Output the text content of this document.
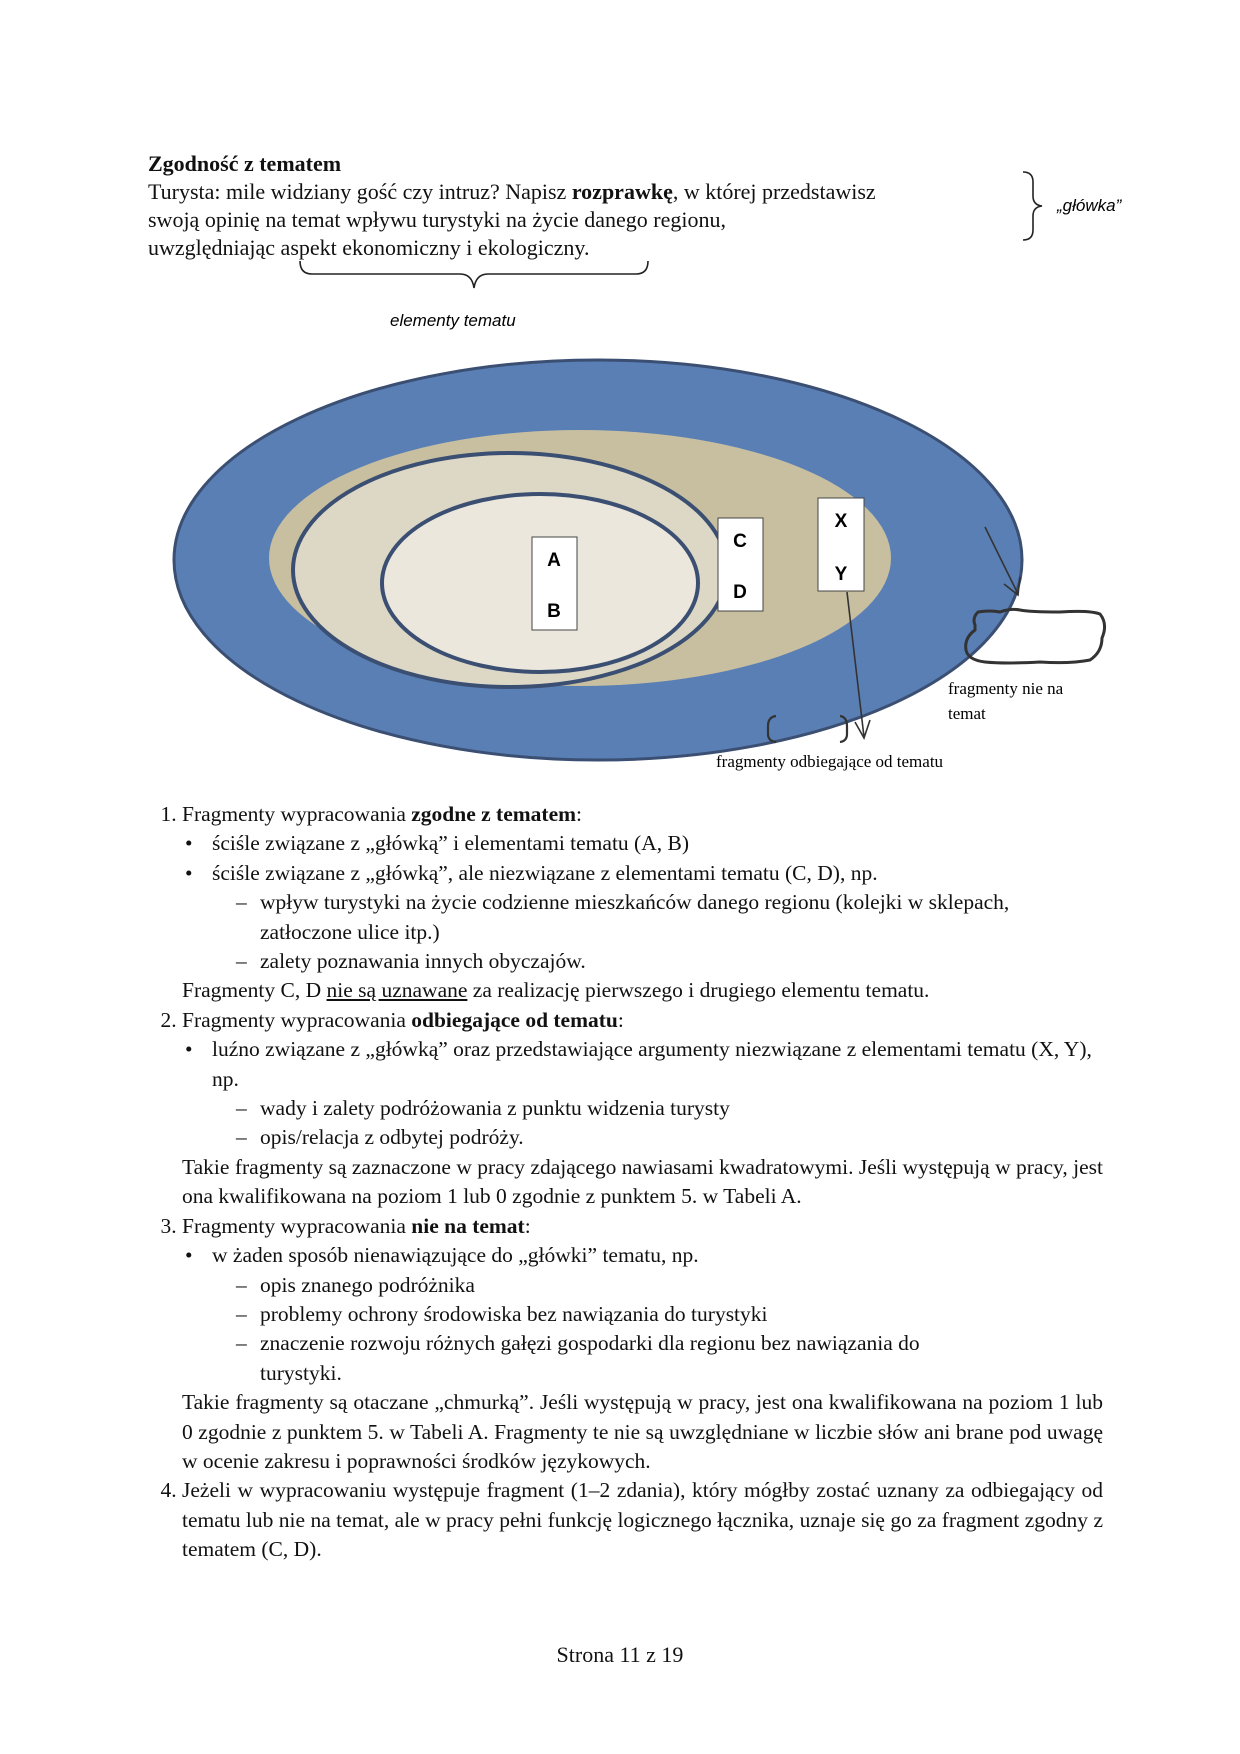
Zgodność z tematem
Turysta: mile widziany gość czy intruz? Napisz rozprawkę, w której przedstawisz
swoją opinię na temat wpływu turystyki na życie danego regionu,
uwzględniając aspekt ekonomiczny i ekologiczny.
„główka”
elementy tematu
A
B
C
D
X
Y
fragmenty nie na
temat
fragmenty odbiegające od tematu
1. Fragmenty wypracowania zgodne z tematem:
• ściśle związane z „główką” i elementami tematu (A, B)
• ściśle związane z „główką”, ale niezwiązane z elementami tematu (C, D), np.
– wpływ turystyki na życie codzienne mieszkańców danego regionu (kolejki w sklepach, zatłoczone ulice itp.)
– zalety poznawania innych obyczajów.
Fragmenty C, D nie są uznawane za realizację pierwszego i drugiego elementu tematu.
2. Fragmenty wypracowania odbiegające od tematu:
• luźno związane z „główką” oraz przedstawiające argumenty niezwiązane z elementami tematu (X, Y), np.
– wady i zalety podróżowania z punktu widzenia turysty
– opis/relacja z odbytej podróży.
Takie fragmenty są zaznaczone w pracy zdającego nawiasami kwadratowymi. Jeśli występują w pracy, jest ona kwalifikowana na poziom 1 lub 0 zgodnie z punktem 5. w Tabeli A.
3. Fragmenty wypracowania nie na temat:
• w żaden sposób nienawiązujące do „główki” tematu, np.
– opis znanego podróżnika
– problemy ochrony środowiska bez nawiązania do turystyki
– znaczenie rozwoju różnych gałęzi gospodarki dla regionu bez nawiązania do turystyki.
Takie fragmenty są otaczane „chmurką”. Jeśli występują w pracy, jest ona kwalifikowana na poziom 1 lub 0 zgodnie z punktem 5. w Tabeli A. Fragmenty te nie są uwzględniane w liczbie słów ani brane pod uwagę w ocenie zakresu i poprawności środków językowych.
4. Jeżeli w wypracowaniu występuje fragment (1–2 zdania), który mógłby zostać uznany za odbiegający od tematu lub nie na temat, ale w pracy pełni funkcję logicznego łącznika, uznaje się go za fragment zgodny z tematem (C, D).
Strona 11 z 19
